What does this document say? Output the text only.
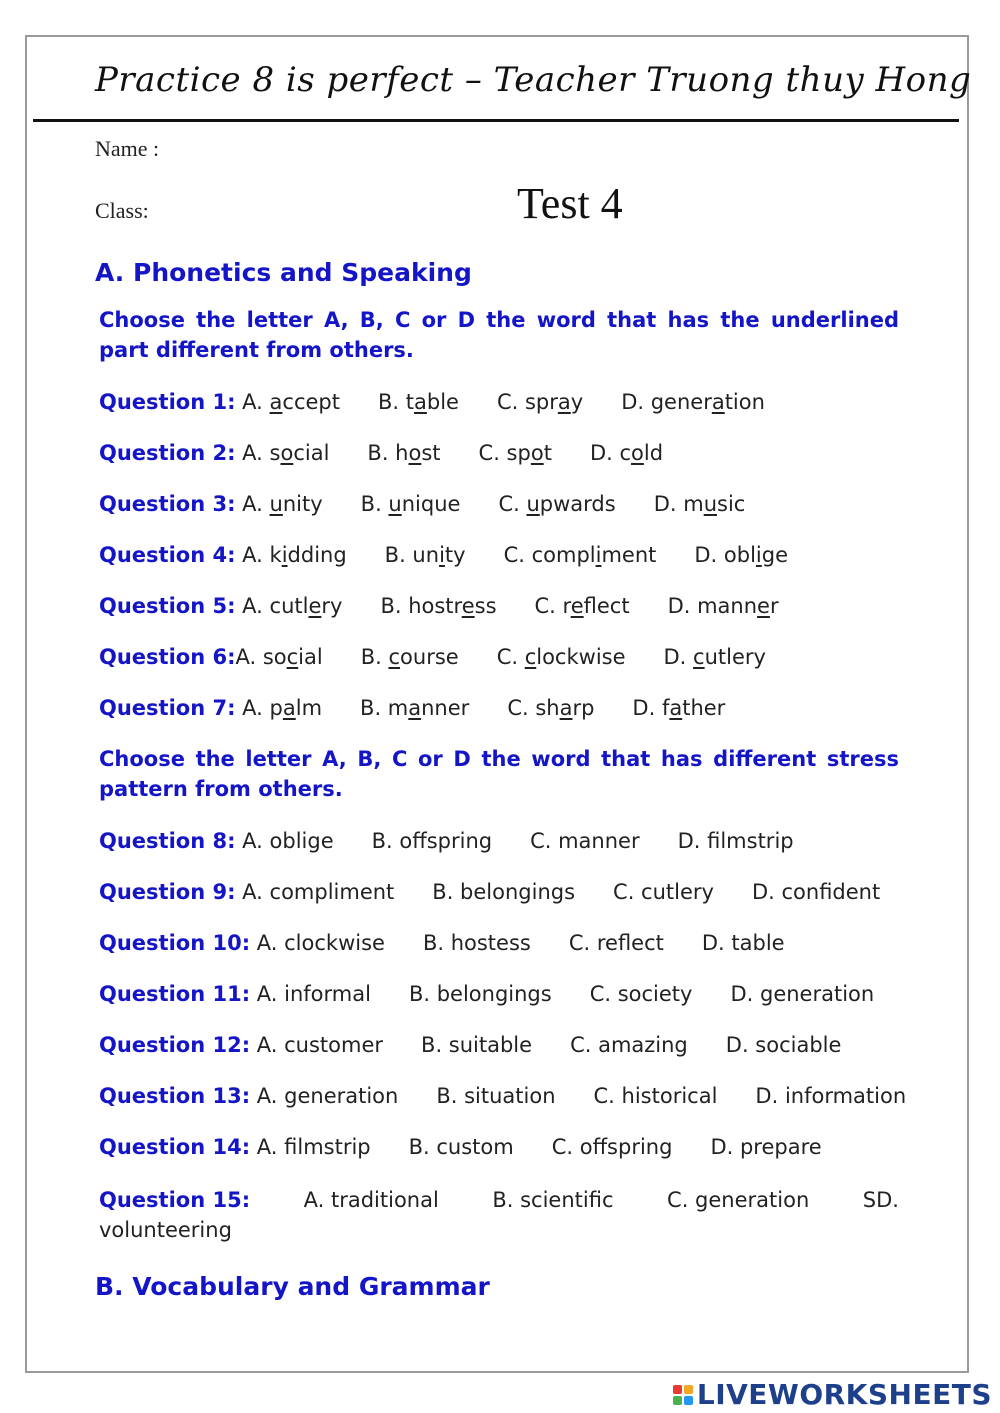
Practice 8 is perfect – Teacher Truong thuy Hong
Name :
Class:	Test 4
A. Phonetics and Speaking
Choose the letter A, B, C or D the word that has the underlined part different from others.
Question 1: A. accept B. table C. spray D. generation
Question 2: A. social B. host C. spot D. cold
Question 3: A. unity B. unique C. upwards D. music
Question 4: A. kidding B. unity C. compliment D. oblige
Question 5: A. cutlery B. hostress C. reflect D. manner
Question 6:A. social B. course C. clockwise D. cutlery
Question 7: A. palm B. manner C. sharp D. father
Choose the letter A, B, C or D the word that has different stress pattern from others.
Question 8: A. oblige B. offspring C. manner D. filmstrip
Question 9: A. compliment B. belongings C. cutlery D. confident
Question 10: A. clockwise B. hostess C. reflect D. table
Question 11: A. informal B. belongings C. society D. generation
Question 12: A. customer B. suitable C. amazing D. sociable
Question 13: A. generation B. situation C. historical D. information
Question 14: A. filmstrip B. custom C. offspring D. prepare
Question 15:	A. traditional	B. scientific	C. generation	SD.
volunteering
B. Vocabulary and Grammar
LIVEWORKSHEETS
